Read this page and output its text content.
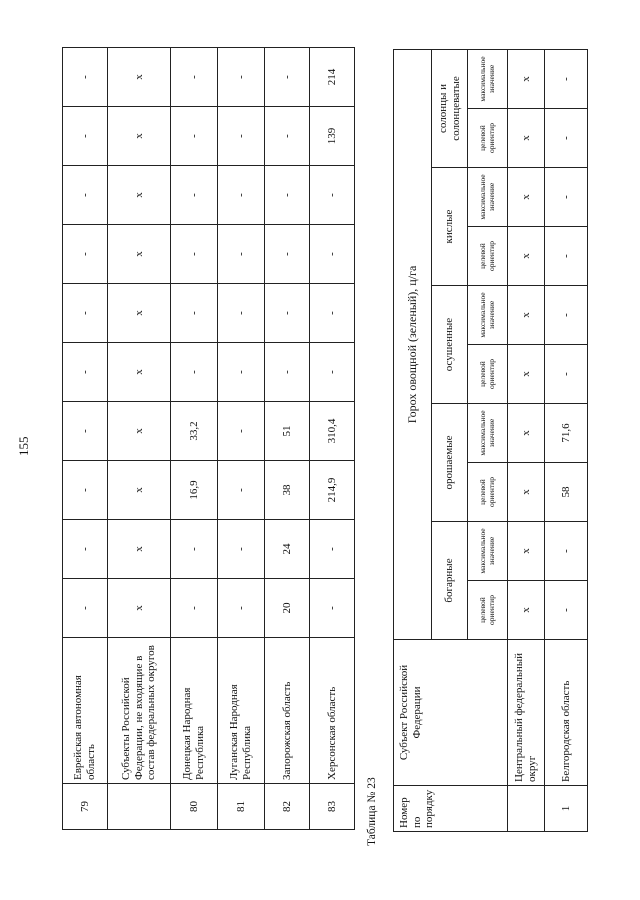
155
79	Еврейская автономная область	-	-	-	-	-	-	-	-	-	-
	Субъекты Российской Федерации, не входящие в состав федеральных округов	x	x	x	x	x	x	x	x	x	x
80	Донецкая Народная Республика	-	-	16,9	33,2	-	-	-	-	-	-
81	Луганская Народная Республика	-	-	-	-	-	-	-	-	-	-
82	Запорожская область	20	24	38	51	-	-	-	-	-	-
83	Херсонская область	-	-	214,9	310,4	-	-	-	-	139	214
Таблица № 23 Номер по порядку	Субъект Российской Федерации	Горох овощной (зеленый), ц/га									
		богарные		орошаемые		осушенные		кислые		солонцы и солонцеватые	
		целевой ориентир	максимальное значение	целевой ориентир	максимальное значение	целевой ориентир	максимальное значение	целевой ориентир	максимальное значение	целевой ориентир	максимальное значение
	Центральный федеральный округ	x	x	x	x	x	x	x	x	x	x
1	Белгородская область	-	-	58	71,6	-	-	-	-	-	-
